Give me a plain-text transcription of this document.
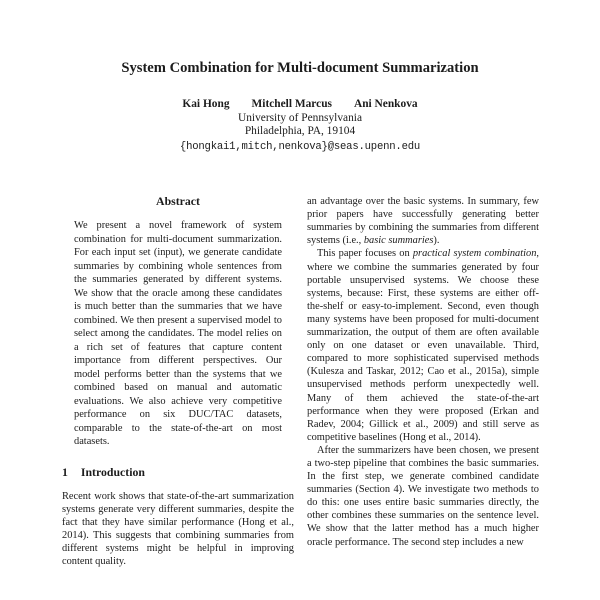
System Combination for Multi-document Summarization
Kai Hong Mitchell Marcus Ani Nenkova
University of Pennsylvania
Philadelphia, PA, 19104
{hongkai1,mitch,nenkova}@seas.upenn.edu
Abstract

We present a novel framework of system combination for multi-document summarization. For each input set (input), we generate candidate summaries by combining whole sentences from the summaries generated by different systems. We show that the oracle among these candidates is much better than the summaries that we have combined. We then present a supervised model to select among the candidates. The model relies on a rich set of features that capture content importance from different perspectives. Our model performs better than the systems that we combined based on manual and automatic evaluations. We also achieve very competitive performance on six DUC/TAC datasets, comparable to the state-of-the-art on most datasets.

1 Introduction

Recent work shows that state-of-the-art summarization systems generate very different summaries, despite the fact that they have similar performance (Hong et al., 2014). This suggests that combining summaries from different systems might be helpful in improving content quality.

an advantage over the basic systems. In summary, few prior papers have successfully generating better summaries by combining the summaries from different systems (i.e., basic summaries).

This paper focuses on practical system combination, where we combine the summaries generated by four portable unsupervised systems. We choose these systems, because: First, these systems are either off-the-shelf or easy-to-implement. Second, even though many systems have been proposed for multi-document summarization, the output of them are often available only on one dataset or even unavailable. Third, compared to more sophisticated supervised methods (Kulesza and Taskar, 2012; Cao et al., 2015a), simple unsupervised methods perform unexpectedly well. Many of them achieved the state-of-the-art performance when they were proposed (Erkan and Radev, 2004; Gillick et al., 2009) and still serve as competitive baselines (Hong et al., 2014).

After the summarizers have been chosen, we present a two-step pipeline that combines the basic summaries. In the first step, we generate combined candidate summaries (Section 4). We investigate two methods to do this: one uses entire basic summaries directly, the other combines these summaries on the sentence level. We show that the latter method has a much higher oracle performance. The second step includes a new
